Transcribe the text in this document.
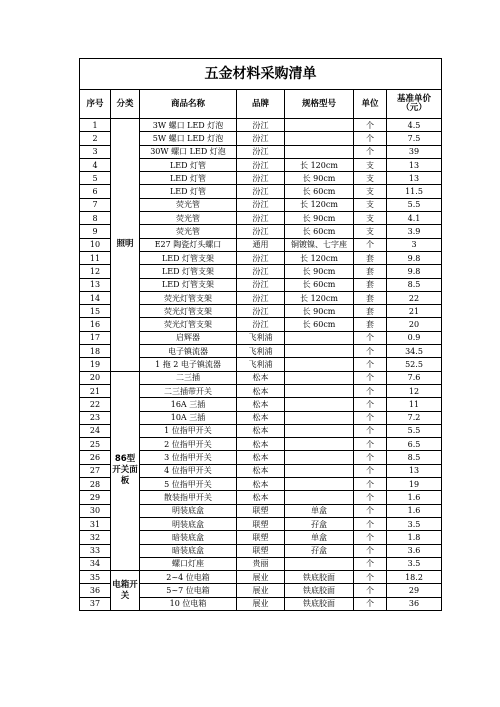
五金材料采购清单						
序号	分类	商品名称	品牌	规格型号	单位	基准单价（元）
1	照明	3W 螺口 LED 灯泡	汾江		个	4.5
2		5W 螺口 LED 灯泡	汾江		个	7.5
3		30W 螺口 LED 灯泡	汾江		个	39
4		LED 灯管	汾江	长 120cm	支	13
5		LED 灯管	汾江	长 90cm	支	13
6		LED 灯管	汾江	长 60cm	支	11.5
7		荧光管	汾江	长 120cm	支	5.5
8		荧光管	汾江	长 90cm	支	4.1
9		荧光管	汾江	长 60cm	支	3.9
10		E27 陶瓷灯头螺口	通用	铜镀镍、七字座	个	3
11		LED 灯管支架	汾江	长 120cm	套	9.8
12		LED 灯管支架	汾江	长 90cm	套	9.8
13		LED 灯管支架	汾江	长 60cm	套	8.5
14		荧光灯管支架	汾江	长 120cm	套	22
15		荧光灯管支架	汾江	长 90cm	套	21
16		荧光灯管支架	汾江	长 60cm	套	20
17		启辉器	飞利浦		个	0.9
18		电子镇流器	飞利浦		个	34.5
19		1 拖 2 电子镇流器	飞利浦		个	52.5
20	86型开关面板	二三插	松本		个	7.6
21		二三插带开关	松本		个	12
22		16A 三插	松本		个	11
23		10A 三插	松本		个	7.2
24		1 位指甲开关	松本		个	5.5
25		2 位指甲开关	松本		个	6.5
26		3 位指甲开关	松本		个	8.5
27		4 位指甲开关	松本		个	13
28		5 位指甲开关	松本		个	19
29		散装指甲开关	松本		个	1.6
30		明装底盒	联塑	单盒	个	1.6
31		明装底盒	联塑	孖盒	个	3.5
32		暗装底盒	联塑	单盒	个	1.8
33		暗装底盒	联塑	孖盒	个	3.6
34		螺口灯座	贵丽		个	3.5
35	电箱开关	2~4 位电箱	展业	铁底胶面	个	18.2
36		5~7 位电箱	展业	铁底胶面	个	29
37		10 位电箱	展业	铁底胶面	个	36
